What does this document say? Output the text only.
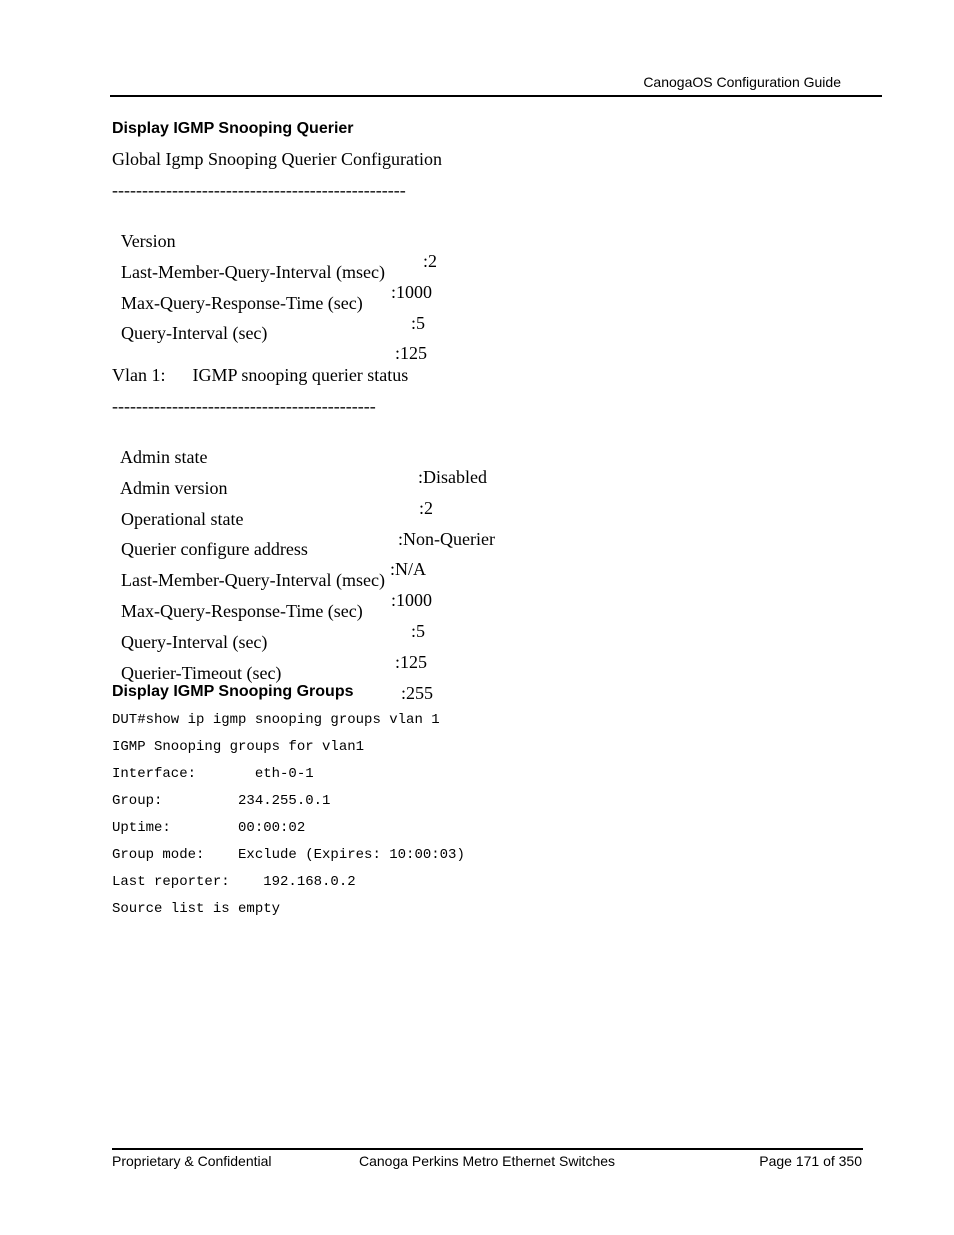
CanogaOS Configuration Guide
Display IGMP Snooping Querier
Global Igmp Snooping Querier Configuration
-------------------------------------------------

Version

:2

Last-Member-Query-Interval (msec)

:1000

Max-Query-Response-Time (sec)

:5

Query-Interval (sec)

:125

Vlan 1:      IGMP snooping querier status
--------------------------------------------

Admin state

:Disabled

Admin version

:2

Operational state

:Non-Querier

Querier configure address

:N/A

Last-Member-Query-Interval (msec)

:1000

Max-Query-Response-Time (sec)

:5

Query-Interval (sec)

:125

Querier-Timeout (sec)

:255

Display IGMP Snooping Groups
DUT#show ip igmp snooping groups vlan 1
IGMP Snooping groups for vlan1
Interface:       eth-0-1
Group:         234.255.0.1
Uptime:        00:00:02
Group mode:    Exclude (Expires: 10:00:03)
Last reporter:    192.168.0.2
Source list is empty
Proprietary & Confidential	Canoga Perkins Metro Ethernet Switches	Page 171 of 350
